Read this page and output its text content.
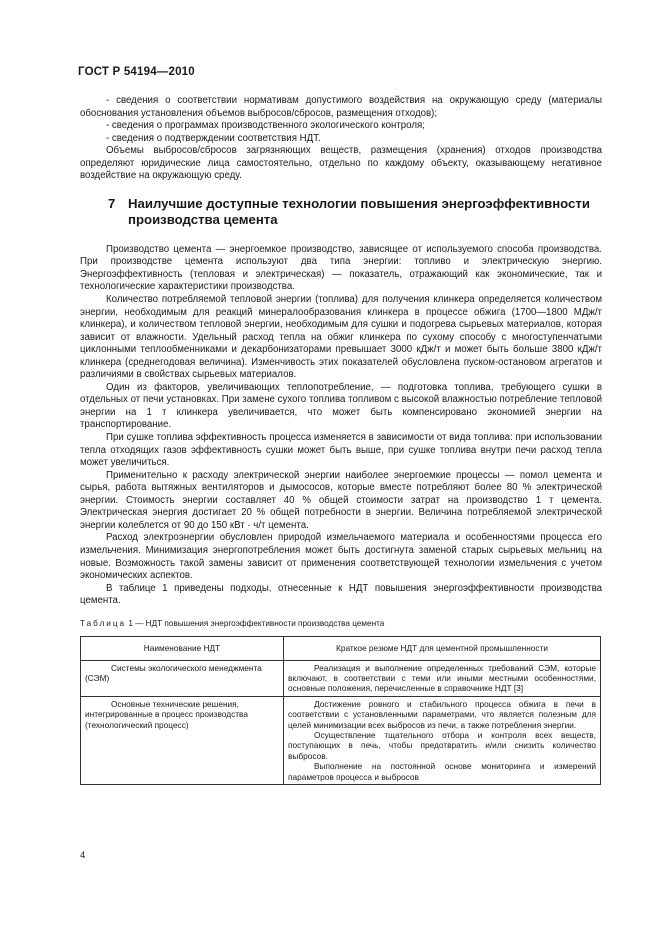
ГОСТ Р 54194—2010

- сведения о соответствии нормативам допустимого воздействия на окружающую среду (материалы обоснования установления объемов выбросов/сбросов, размещения отходов);

- сведения о программах производственного экологического контроля;

- сведения о подтверждении соответствия НДТ.

Объемы выбросов/сбросов загрязняющих веществ, размещения (хранения) отходов производства определяют юридические лица самостоятельно, отдельно по каждому объекту, оказывающему негативное воздействие на окружающую среду.

7 Наилучшие доступные технологии повышения энергоэффективности производства цемента

Производство цемента — энергоемкое производство, зависящее от используемого способа производства. При производстве цемента используют два типа энергии: топливо и электрическую энергию. Энергоэффективность (тепловая и электрическая) — показатель, отражающий как экономические, так и технологические характеристики производства.

Количество потребляемой тепловой энергии (топлива) для получения клинкера определяется количеством энергии, необходимым для реакций минералообразования клинкера в процессе обжига (1700—1800 МДж/т клинкера), и количеством тепловой энергии, необходимым для сушки и подогрева сырьевых материалов, которая зависит от влажности. Удельный расход тепла на обжиг клинкера по сухому способу с многоступенчатыми циклонными теплообменниками и декарбонизаторами превышает 3000 кДж/т и может быть больше 3800 кДж/т клинкера (среднегодовая величина). Изменчивость этих показателей обусловлена пуском-остановом агрегатов и различиями в свойствах сырьевых материалов.

Один из факторов, увеличивающих теплопотребление, — подготовка топлива, требующего сушки в отдельных от печи установках. При замене сухого топлива топливом с высокой влажностью потребление тепловой энергии на 1 т клинкера увеличивается, что может быть компенсировано экономией энергии на транспортирование.

При сушке топлива эффективность процесса изменяется в зависимости от вида топлива: при использовании тепла отходящих газов эффективность сушки может быть выше, при сушке топлива внутри печи расход тепла может увеличиться.

Применительно к расходу электрической энергии наиболее энергоемкие процессы — помол цемента и сырья, работа вытяжных вентиляторов и дымососов, которые вместе потребляют более 80 % электрической энергии. Стоимость энергии составляет 40 % общей стоимости затрат на производство 1 т цемента. Электрическая энергия достигает 20 % общей потребности в энергии. Величина потребляемой электрической энергии колеблется от 90 до 150 кВт · ч/т цемента.

Расход электроэнергии обусловлен природой измельчаемого материала и особенностями процесса его измельчения. Минимизация энергопотребления может быть достигнута заменой старых сырьевых мельниц на новые. Возможность такой замены зависит от применения соответствующей технологии измельчения с учетом экономических аспектов.

В таблице 1 приведены подходы, отнесенные к НДТ повышения энергоэффективности производства цемента.

Таблица 1 — НДТ повышения энергоэффективности производства цемента
Наименование НДТ	Краткое резюме НДТ для цементной промышленности

Системы экологического менеджмента (СЭМ)	Реализация и выполнение определенных требований СЭМ, которые включают, в соответствии с теми или иными местными особенностями, основные положения, перечисленные в справочнике НДТ [3]

Основные технические решения, интегрированные в процесс производства (технологический процесс)	Достижение ровного и стабильного процесса обжига в печи в соответствии с установленными параметрами, что является полезным для целей минимизации всех выбросов из печи, а также потребления энергии.

Осуществление тщательного отбора и контроля всех веществ, поступающих в печь, чтобы предотвратить и/или снизить количество выбросов.

Выполнение на постоянной основе мониторинга и измерений параметров процесса и выбросов

4
